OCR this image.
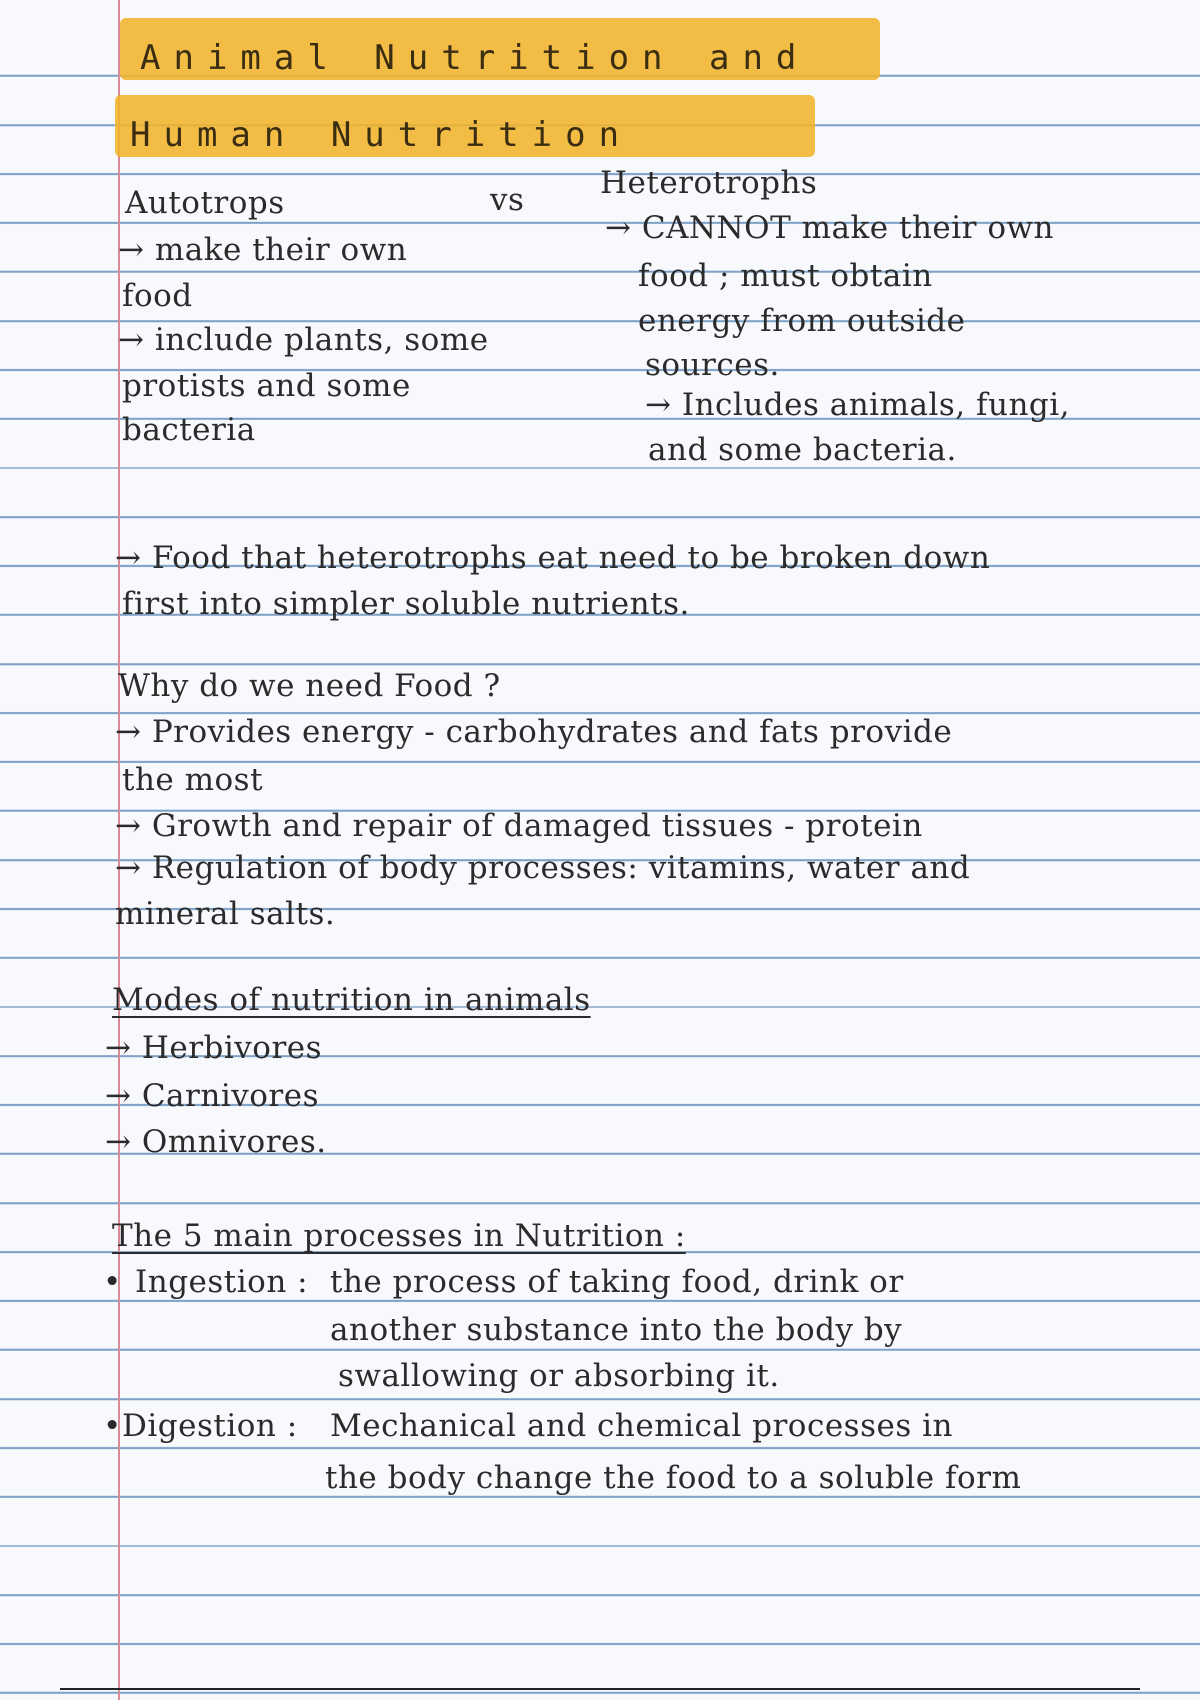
Animal Nutrition and
Human Nutrition
Autotrops	vs Heterotrophs
→ make their own
food
→ include plants, some
protists and some
bacteria
→ CANNOT make their own
food ; must obtain
energy from outside
sources.
→ Includes animals, fungi,
and some bacteria.
→ Food that heterotrophs eat need to be broken down
first into simpler soluble nutrients.
Why do we need Food ?
→ Provides energy - carbohydrates and fats provide
the most
→ Growth and repair of damaged tissues - protein
→ Regulation of body processes: vitamins, water and
mineral salts.
Modes of nutrition in animals
→ Herbivores
→ Carnivores
→ Omnivores.
The 5 main processes in Nutrition :
• Ingestion : the process of taking food, drink or
another substance into the body by
swallowing or absorbing it.
• Digestion : Mechanical and chemical processes in
the body change the food to a soluble form
